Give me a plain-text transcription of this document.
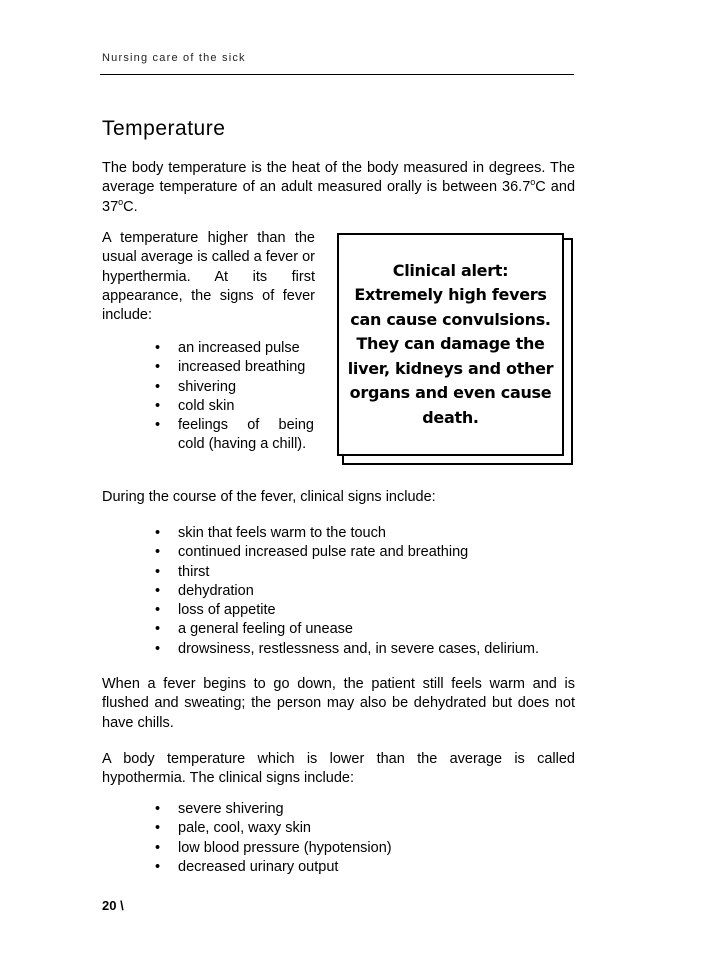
Nursing care of the sick
Temperature
The body temperature is the heat of the body measured in degrees. The average temperature of an adult measured orally is between 36.7$^o$C and 37$^o$C.
A temperature higher than the usual average is called a fever or hyperthermia. At its first appearance, the signs of fever include:
• an increased pulse
• increased breathing
• shivering
• cold skin
• feelings of being cold (having a chill).
Clinical alert: Extremely high fevers can cause convulsions. They can damage the liver, kidneys and other organs and even cause death.
During the course of the fever, clinical signs include:
• skin that feels warm to the touch
• continued increased pulse rate and breathing
• thirst
• dehydration
• loss of appetite
• a general feeling of unease
• drowsiness, restlessness and, in severe cases, delirium.
When a fever begins to go down, the patient still feels warm and is flushed and sweating; the person may also be dehydrated but does not have chills.
A body temperature which is lower than the average is called hypothermia. The clinical signs include:
• severe shivering
• pale, cool, waxy skin
• low blood pressure (hypotension)
• decreased urinary output
20 \
